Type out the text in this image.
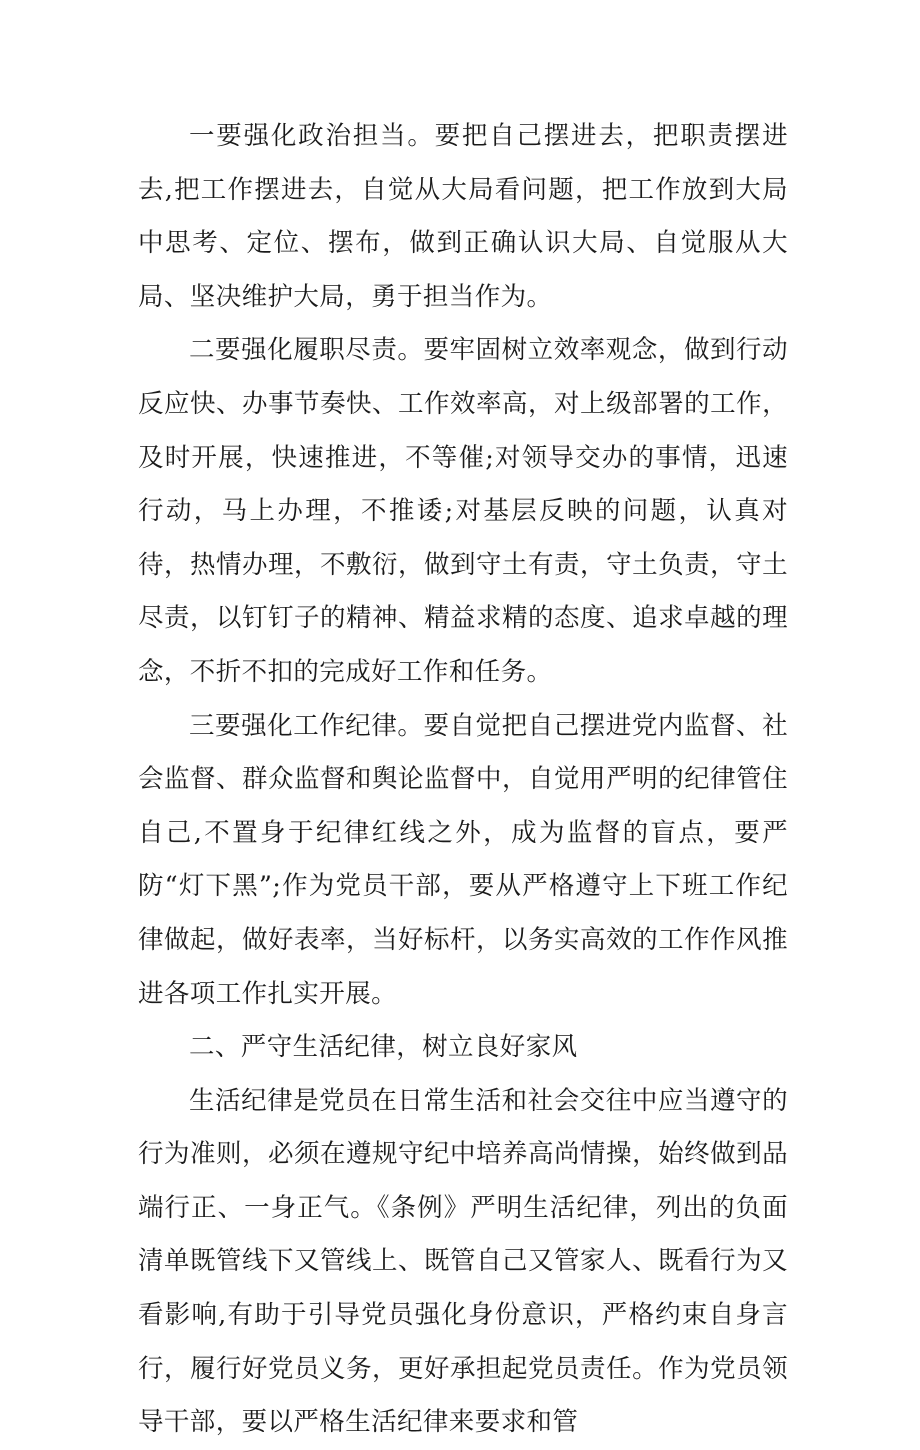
一要强化政治担当。要把自己摆进去，把职责摆进去,把工作摆进去，自觉从大局看问题，把工作放到大局中思考、定位、摆布，做到正确认识大局、自觉服从大局、坚决维护大局，勇于担当作为。

二要强化履职尽责。要牢固树立效率观念，做到行动反应快、办事节奏快、工作效率高，对上级部署的工作，及时开展，快速推进，不等催;对领导交办的事情，迅速行动，马上办理，不推诿;对基层反映的问题，认真对待，热情办理，不敷衍，做到守土有责，守土负责，守土尽责，以钉钉子的精神、精益求精的态度、追求卓越的理念，不折不扣的完成好工作和任务。

三要强化工作纪律。要自觉把自己摆进党内监督、社会监督、群众监督和舆论监督中，自觉用严明的纪律管住自己,不置身于纪律红线之外，成为监督的盲点，要严防“灯下黑”;作为党员干部，要从严格遵守上下班工作纪律做起，做好表率，当好标杆，以务实高效的工作作风推进各项工作扎实开展。

二、严守生活纪律，树立良好家风

生活纪律是党员在日常生活和社会交往中应当遵守的行为准则，必须在遵规守纪中培养高尚情操，始终做到品端行正、一身正气。《条例》严明生活纪律，列出的负面清单既管线下又管线上、既管自己又管家人、既看行为又看影响,有助于引导党员强化身份意识，严格约束自身言行，履行好党员义务，更好承担起党员责任。作为党员领导干部，要以严格生活纪律来要求和管
